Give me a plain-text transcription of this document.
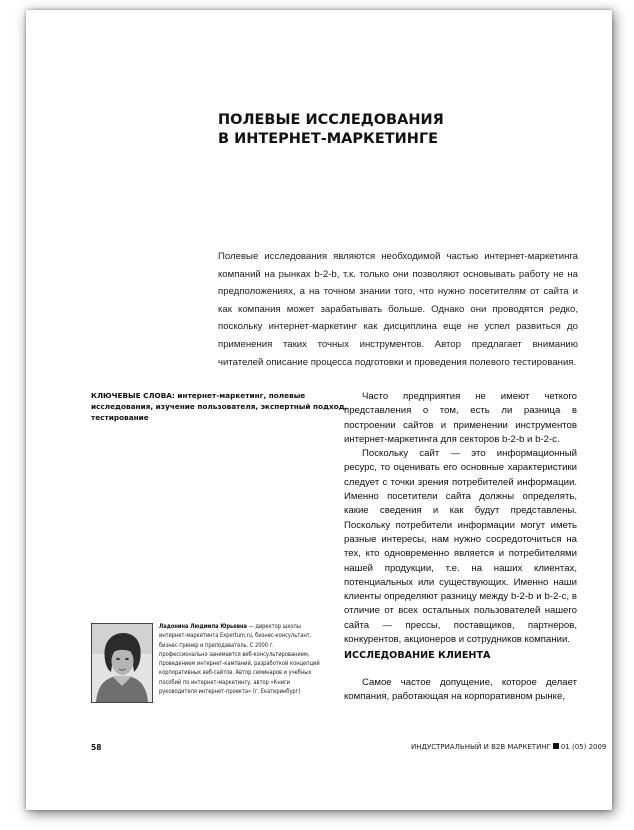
ПОЛЕВЫЕ ИССЛЕДОВАНИЯ
В ИНТЕРНЕТ-МАРКЕТИНГЕ

Полевые исследования являются необходимой частью интернет-маркетинга компаний на рынках b-2-b, т.к. только они позволяют основывать работу не на предположениях, а на точном знании того, что нужно посетителям от сайта и как компания может зарабатывать больше. Однако они проводятся редко, поскольку интернет-маркетинг как дисциплина еще не успел развиться до применения таких точных инструментов. Автор предлагает вниманию читателей описание процесса подготовки и проведения полевого тестирования.

КЛЮЧЕВЫЕ СЛОВА: интернет-маркетинг, полевые исследования, изучение пользователя, экспертный подход, тестирование

Часто предприятия не имеют четкого представления о том, есть ли разница в построении сайтов и применении инструментов интернет-маркетинга для секторов b-2-b и b-2-c.

Поскольку сайт — это информационный ресурс, то оценивать его основные характеристики следует с точки зрения потребителей информации. Именно посетители сайта должны определять, какие сведения и как будут представлены. Поскольку потребители информации могут иметь разные интересы, нам нужно сосредоточиться на тех, кто одновременно является и потребителями нашей продукции, т.е. на наших клиентах, потенциальных или существующих. Именно наши клиенты определяют разницу между b-2-b и b-2-c, в отличие от всех остальных пользователей нашего сайта — прессы, поставщиков, партнеров, конкурентов, акционеров и сотрудников компании.

ИССЛЕДОВАНИЕ КЛИЕНТА

Самое частое допущение, которое делает компания, работающая на корпоративном рынке,

Ладонина Людмила Юрьевна — директор школы интернет-маркетинга Expertum.ru, бизнес-консультант, бизнес-тренер и преподаватель. С 2000 г. профессионально занимается веб-консультированием, проведением интернет-кампаний, разработкой концепций корпоративных веб-сайтов. Автор семинаров и учебных пособий по интернет-маркетингу, автор «Книги руководителя интернет-проекта» (г. Екатеринбург)
58	ИНДУСТРИАЛЬНЫЙ И B2B МАРКЕТИНГ 01 (05) 2009
